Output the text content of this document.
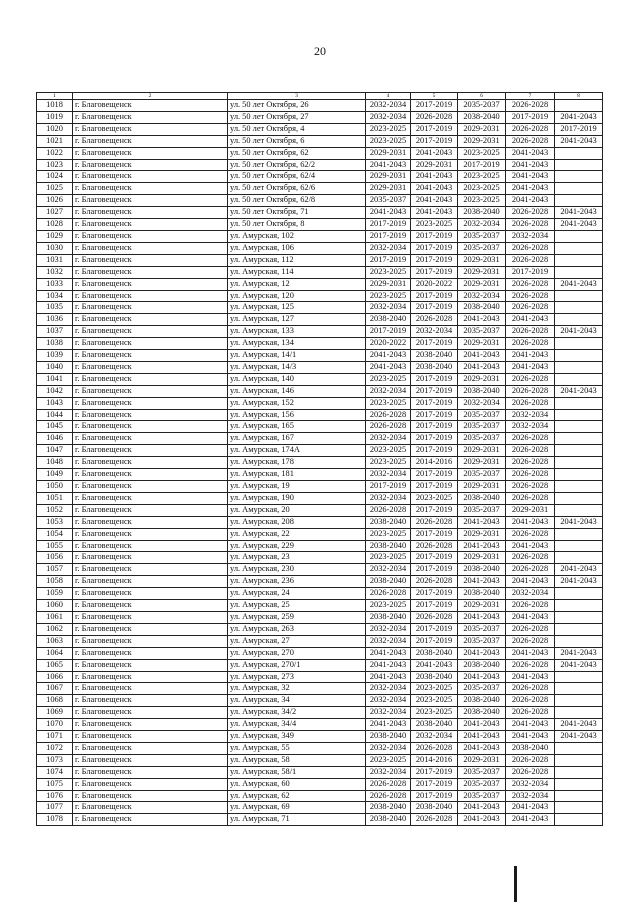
20
1	2	3	4	5	6	7	8
1018	г. Благовещенск	ул. 50 лет Октября, 26	2032-2034	2017-2019	2035-2037	2026-2028	
1019	г. Благовещенск	ул. 50 лет Октября, 27	2032-2034	2026-2028	2038-2040	2017-2019	2041-2043
1020	г. Благовещенск	ул. 50 лет Октября, 4	2023-2025	2017-2019	2029-2031	2026-2028	2017-2019
1021	г. Благовещенск	ул. 50 лет Октября, 6	2023-2025	2017-2019	2029-2031	2026-2028	2041-2043
1022	г. Благовещенск	ул. 50 лет Октября, 62	2029-2031	2041-2043	2023-2025	2041-2043	
1023	г. Благовещенск	ул. 50 лет Октября, 62/2	2041-2043	2029-2031	2017-2019	2041-2043	
1024	г. Благовещенск	ул. 50 лет Октября, 62/4	2029-2031	2041-2043	2023-2025	2041-2043	
1025	г. Благовещенск	ул. 50 лет Октября, 62/6	2029-2031	2041-2043	2023-2025	2041-2043	
1026	г. Благовещенск	ул. 50 лет Октября, 62/8	2035-2037	2041-2043	2023-2025	2041-2043	
1027	г. Благовещенск	ул. 50 лет Октября, 71	2041-2043	2041-2043	2038-2040	2026-2028	2041-2043
1028	г. Благовещенск	ул. 50 лет Октября, 8	2017-2019	2023-2025	2032-2034	2026-2028	2041-2043
1029	г. Благовещенск	ул. Амурская, 102	2017-2019	2017-2019	2035-2037	2032-2034	
1030	г. Благовещенск	ул. Амурская, 106	2032-2034	2017-2019	2035-2037	2026-2028	
1031	г. Благовещенск	ул. Амурская, 112	2017-2019	2017-2019	2029-2031	2026-2028	
1032	г. Благовещенск	ул. Амурская, 114	2023-2025	2017-2019	2029-2031	2017-2019	
1033	г. Благовещенск	ул. Амурская, 12	2029-2031	2020-2022	2029-2031	2026-2028	2041-2043
1034	г. Благовещенск	ул. Амурская, 120	2023-2025	2017-2019	2032-2034	2026-2028	
1035	г. Благовещенск	ул. Амурская, 125	2032-2034	2017-2019	2038-2040	2026-2028	
1036	г. Благовещенск	ул. Амурская, 127	2038-2040	2026-2028	2041-2043	2041-2043	
1037	г. Благовещенск	ул. Амурская, 133	2017-2019	2032-2034	2035-2037	2026-2028	2041-2043
1038	г. Благовещенск	ул. Амурская, 134	2020-2022	2017-2019	2029-2031	2026-2028	
1039	г. Благовещенск	ул. Амурская, 14/1	2041-2043	2038-2040	2041-2043	2041-2043	
1040	г. Благовещенск	ул. Амурская, 14/3	2041-2043	2038-2040	2041-2043	2041-2043	
1041	г. Благовещенск	ул. Амурская, 140	2023-2025	2017-2019	2029-2031	2026-2028	
1042	г. Благовещенск	ул. Амурская, 146	2032-2034	2017-2019	2038-2040	2026-2028	2041-2043
1043	г. Благовещенск	ул. Амурская, 152	2023-2025	2017-2019	2032-2034	2026-2028	
1044	г. Благовещенск	ул. Амурская, 156	2026-2028	2017-2019	2035-2037	2032-2034	
1045	г. Благовещенск	ул. Амурская, 165	2026-2028	2017-2019	2035-2037	2032-2034	
1046	г. Благовещенск	ул. Амурская, 167	2032-2034	2017-2019	2035-2037	2026-2028	
1047	г. Благовещенск	ул. Амурская, 174А	2023-2025	2017-2019	2029-2031	2026-2028	
1048	г. Благовещенск	ул. Амурская, 178	2023-2025	2014-2016	2029-2031	2026-2028	
1049	г. Благовещенск	ул. Амурская, 181	2032-2034	2017-2019	2035-2037	2026-2028	
1050	г. Благовещенск	ул. Амурская, 19	2017-2019	2017-2019	2029-2031	2026-2028	
1051	г. Благовещенск	ул. Амурская, 190	2032-2034	2023-2025	2038-2040	2026-2028	
1052	г. Благовещенск	ул. Амурская, 20	2026-2028	2017-2019	2035-2037	2029-2031	
1053	г. Благовещенск	ул. Амурская, 208	2038-2040	2026-2028	2041-2043	2041-2043	2041-2043
1054	г. Благовещенск	ул. Амурская, 22	2023-2025	2017-2019	2029-2031	2026-2028	
1055	г. Благовещенск	ул. Амурская, 229	2038-2040	2026-2028	2041-2043	2041-2043	
1056	г. Благовещенск	ул. Амурская, 23	2023-2025	2017-2019	2029-2031	2026-2028	
1057	г. Благовещенск	ул. Амурская, 230	2032-2034	2017-2019	2038-2040	2026-2028	2041-2043
1058	г. Благовещенск	ул. Амурская, 236	2038-2040	2026-2028	2041-2043	2041-2043	2041-2043
1059	г. Благовещенск	ул. Амурская, 24	2026-2028	2017-2019	2038-2040	2032-2034	
1060	г. Благовещенск	ул. Амурская, 25	2023-2025	2017-2019	2029-2031	2026-2028	
1061	г. Благовещенск	ул. Амурская, 259	2038-2040	2026-2028	2041-2043	2041-2043	
1062	г. Благовещенск	ул. Амурская, 263	2032-2034	2017-2019	2035-2037	2026-2028	
1063	г. Благовещенск	ул. Амурская, 27	2032-2034	2017-2019	2035-2037	2026-2028	
1064	г. Благовещенск	ул. Амурская, 270	2041-2043	2038-2040	2041-2043	2041-2043	2041-2043
1065	г. Благовещенск	ул. Амурская, 270/1	2041-2043	2041-2043	2038-2040	2026-2028	2041-2043
1066	г. Благовещенск	ул. Амурская, 273	2041-2043	2038-2040	2041-2043	2041-2043	
1067	г. Благовещенск	ул. Амурская, 32	2032-2034	2023-2025	2035-2037	2026-2028	
1068	г. Благовещенск	ул. Амурская, 34	2032-2034	2023-2025	2038-2040	2026-2028	
1069	г. Благовещенск	ул. Амурская, 34/2	2032-2034	2023-2025	2038-2040	2026-2028	
1070	г. Благовещенск	ул. Амурская, 34/4	2041-2043	2038-2040	2041-2043	2041-2043	2041-2043
1071	г. Благовещенск	ул. Амурская, 349	2038-2040	2032-2034	2041-2043	2041-2043	2041-2043
1072	г. Благовещенск	ул. Амурская, 55	2032-2034	2026-2028	2041-2043	2038-2040	
1073	г. Благовещенск	ул. Амурская, 58	2023-2025	2014-2016	2029-2031	2026-2028	
1074	г. Благовещенск	ул. Амурская, 58/1	2032-2034	2017-2019	2035-2037	2026-2028	
1075	г. Благовещенск	ул. Амурская, 60	2026-2028	2017-2019	2035-2037	2032-2034	
1076	г. Благовещенск	ул. Амурская, 62	2026-2028	2017-2019	2035-2037	2032-2034	
1077	г. Благовещенск	ул. Амурская, 69	2038-2040	2038-2040	2041-2043	2041-2043	
1078	г. Благовещенск	ул. Амурская, 71	2038-2040	2026-2028	2041-2043	2041-2043	
